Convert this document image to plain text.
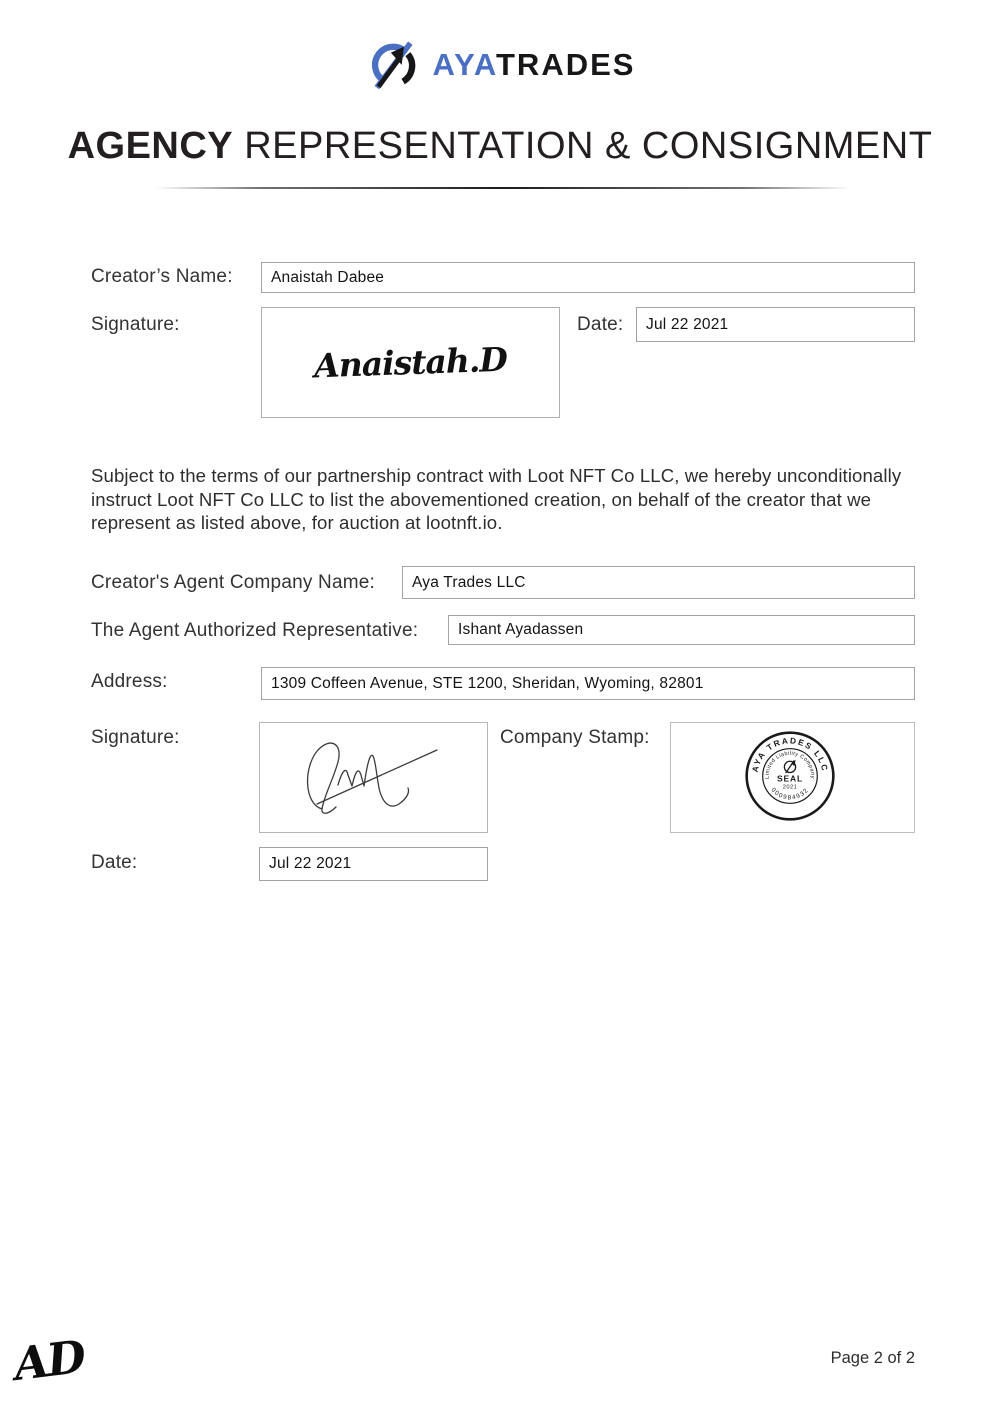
AYATRADES
AGENCY REPRESENTATION & CONSIGNMENT
Creator’s Name:	Anaistah Dabee
Signature:
Anaistah.D
Date:	Jul 22 2021

Subject to the terms of our partnership contract with Loot NFT Co LLC, we hereby unconditionally instruct Loot NFT Co LLC to list the abovementioned creation, on behalf of the creator that we represent as listed above, for auction at lootnft.io.

Creator's Agent Company Name:	Aya Trades LLC
The Agent Authorized Representative:	Ishant Ayadassen
Address:	1309 Coffeen Avenue, STE 1200, Sheridan, Wyoming, 82801
Signature:	Company Stamp:
AYA TRADES LLC
Limited Liability Company
000984932
SEAL
2021
Date:	Jul 22 2021
Page 2 of 2
AD
